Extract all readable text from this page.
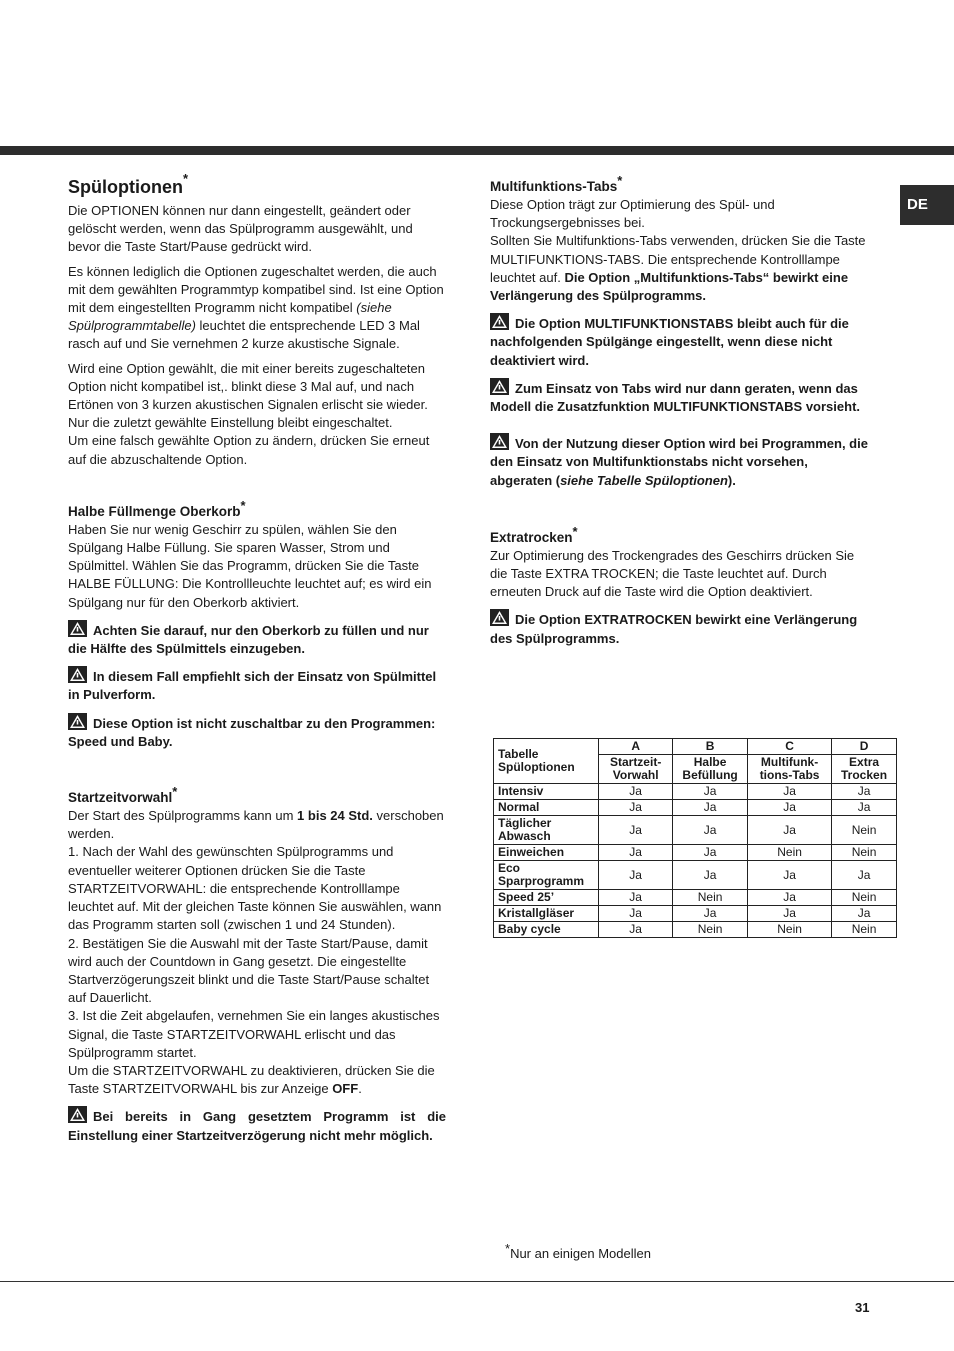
DE
Spüloptionen*

Die OPTIONEN können nur dann eingestellt, geändert oder gelöscht werden, wenn das Spülprogramm ausgewählt, und bevor die Taste Start/Pause gedrückt wird.

Es können lediglich die Optionen zugeschaltet werden, die auch mit dem gewählten Programmtyp kompatibel sind. Ist eine Option mit dem eingestellten Programm nicht kompatibel (siehe Spülprogrammtabelle) leuchtet die entsprechende LED 3 Mal rasch auf und Sie vernehmen 2 kurze akustische Signale.

Wird eine Option gewählt, die mit einer bereits zugeschalteten Option nicht kompatibel ist,. blinkt diese 3 Mal auf, und nach Ertönen von 3 kurzen akustischen Signalen erlischt sie wieder. Nur die zuletzt gewählte Einstellung bleibt eingeschaltet.

Um eine falsch gewählte Option zu ändern, drücken Sie erneut auf die abzuschaltende Option.

Halbe Füllmenge Oberkorb*

Haben Sie nur wenig Geschirr zu spülen, wählen Sie den Spülgang Halbe Füllung. Sie sparen Wasser, Strom und Spülmittel. Wählen Sie das Programm, drücken Sie die Taste HALBE FÜLLUNG: Die Kontrollleuchte leuchtet auf; es wird ein Spülgang nur für den Oberkorb aktiviert.

Achten Sie darauf, nur den Oberkorb zu füllen und nur die Hälfte des Spülmittels einzugeben.

In diesem Fall empfiehlt sich der Einsatz von Spülmittel in Pulverform.

Diese Option ist nicht zuschaltbar zu den Programmen: Speed und Baby.

Startzeitvorwahl*

Der Start des Spülprogramms kann um 1 bis 24 Std. verschoben werden.

1. Nach der Wahl des gewünschten Spülprogramms und eventueller weiterer Optionen drücken Sie die Taste STARTZEITVORWAHL: die entsprechende Kontrolllampe leuchtet auf. Mit der gleichen Taste können Sie auswählen, wann das Programm starten soll (zwischen 1 und 24 Stunden).

2. Bestätigen Sie die Auswahl mit der Taste Start/Pause, damit wird auch der Countdown in Gang gesetzt. Die eingestellte Startverzögerungszeit blinkt und die Taste Start/Pause schaltet auf Dauerlicht.

3. Ist die Zeit abgelaufen, vernehmen Sie ein langes akustisches Signal, die Taste STARTZEITVORWAHL erlischt und das Spülprogramm startet.

Um die STARTZEITVORWAHL zu deaktivieren, drücken Sie die Taste STARTZEITVORWAHL bis zur Anzeige OFF.

Bei bereits in Gang gesetztem Programm ist die Einstellung einer Startzeitverzögerung nicht mehr möglich.

Multifunktions-Tabs*

Diese Option trägt zur Optimierung des Spül- und Trockungsergebnisses bei.

Sollten Sie Multifunktions-Tabs verwenden, drücken Sie die Taste MULTIFUNKTIONS-TABS. Die entsprechende Kontrolllampe leuchtet auf. Die Option „Multifunktions-Tabs“ bewirkt eine Verlängerung des Spülprogramms.

Die Option MULTIFUNKTIONSTABS bleibt auch für die nachfolgenden Spülgänge eingestellt, wenn diese nicht deaktiviert wird.

Zum Einsatz von Tabs wird nur dann geraten, wenn das Modell die Zusatzfunktion MULTIFUNKTIONSTABS vorsieht.

Von der Nutzung dieser Option wird bei Programmen, die den Einsatz von Multifunktionstabs nicht vorsehen, abgeraten (siehe Tabelle Spüloptionen).

Extratrocken*

Zur Optimierung des Trockengrades des Geschirrs drücken Sie die Taste EXTRA TROCKEN; die Taste leuchtet auf. Durch erneuten Druck auf die Taste wird die Option deaktiviert.

Die Option EXTRATROCKEN bewirkt eine Verlängerung des Spülprogramms.

Tabelle Spüloptionen	A	B	C	D
	Startzeit-Vorwahl	Halbe Befüllung	Multifunk-tions-Tabs	Extra Trocken
Intensiv	Ja	Ja	Ja	Ja
Normal	Ja	Ja	Ja	Ja
Täglicher Abwasch	Ja	Ja	Ja	Nein
Einweichen	Ja	Ja	Nein	Nein
Eco Sparprogramm	Ja	Ja	Ja	Ja
Speed 25’	Ja	Nein	Ja	Nein
Kristallgläser	Ja	Ja	Ja	Ja
Baby cycle	Ja	Nein	Nein	Nein
*Nur an einigen Modellen
31
